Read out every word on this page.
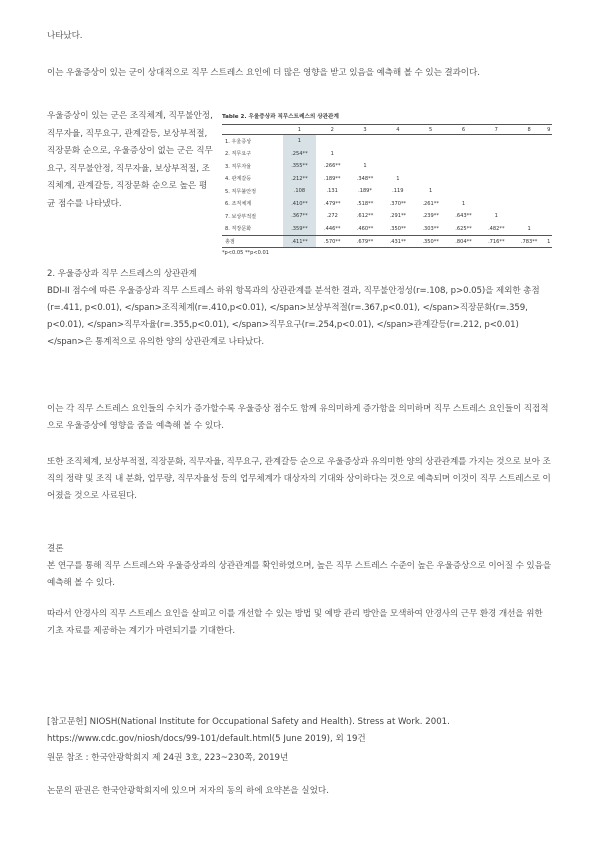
나타났다.
이는 우울증상이 있는 군이 상대적으로 직무 스트레스 요인에 더 많은 영향을 받고 있음을 예측해 볼 수 있는 결과이다.
우울증상이 있는 군은 조직체계, 직무불안정, 직무자율, 직무요구, 관계갈등, 보상부적절, 직장문화 순으로, 우울증상이 없는 군은 직무요구, 직무불안정, 직무자율, 보상부적절, 조직체계, 관계갈등, 직장문화 순으로 높은 평균 점수를 나타냈다.
Table 2. 우울증상과 직무스트레스의 상관관계
	1	2	3	4	5	6	7	8	9
1. 우울증상	1								
2. 직무요구	.254**	1							
3. 직무자율	.355**	.266**	1						
4. 관계갈등	.212**	.189**	.348**	1					
5. 직무불안정	.108	.131	.189*	.119	1				
6. 조직체계	.410**	.479**	.518**	.370**	.261**	1			
7. 보상부적절	.367**	.272	.612**	.291**	.239**	.643**	1		
8. 직장문화	.359**	.446**	.460**	.350**	.303**	.625**	.482**	1	
총점	.411**	.570**	.679**	.431**	.350**	.804**	.716**	.783**	1
*p<0.05 **p<0.01
2. 우울증상과 직무 스트레스의 상관관계
BDI-II 점수에 따른 우울증상과 직무 스트레스 하위 항목과의 상관관계를 분석한 결과, 직무불안정성(r=.108, p>0.05)을 제외한 총점(r=.411, p<0.01), </span>조직체계(r=.410,p<0.01), </span>보상부적절(r=.367,p<0.01), </span>직장문화(r=.359, p<0.01), </span>직무자율(r=.355,p<0.01), </span>직무요구(r=.254,p<0.01), </span>관계갈등(r=.212, p<0.01)</span>은 통계적으로 유의한 양의 상관관계로 나타났다.
이는 각 직무 스트레스 요인들의 수치가 증가할수록 우울증상 점수도 함께 유의미하게 증가함을 의미하며 직무 스트레스 요인들이 직접적으로 우울증상에 영향을 줌을 예측해 볼 수 있다.
또한 조직체계, 보상부적절, 직장문화, 직무자율, 직무요구, 관계갈등 순으로 우울증상과 유의미한 양의 상관관계를 가지는 것으로 보아 조직의 정략 및 조직 내 분화, 업무량, 직무자율성 등의 업무체계가 대상자의 기대와 상이하다는 것으로 예측되며 이것이 직무 스트레스로 이어졌을 것으로 사료된다.
결론
본 연구를 통해 직무 스트레스와 우울증상과의 상관관계를 확인하였으며, 높은 직무 스트레스 수준이 높은 우울증상으로 이어질 수 있음을 예측해 볼 수 있다.
따라서 안경사의 직무 스트레스 요인을 살피고 이를 개선할 수 있는 방법 및 예방 관리 방안을 모색하여 안경사의 근무 환경 개선을 위한 기초 자료를 제공하는 계기가 마련되기를 기대한다.
[참고문헌] NIOSH(National Institute for Occupational Safety and Health). Stress at Work. 2001. https://www.cdc.gov/niosh/docs/99-101/default.html(5 June 2019), 외 19건
원문 참조 : 한국안광학회지 제 24권 3호, 223~230쪽, 2019년
논문의 판권은 한국안광학회지에 있으며 저자의 동의 하에 요약본을 실었다.
